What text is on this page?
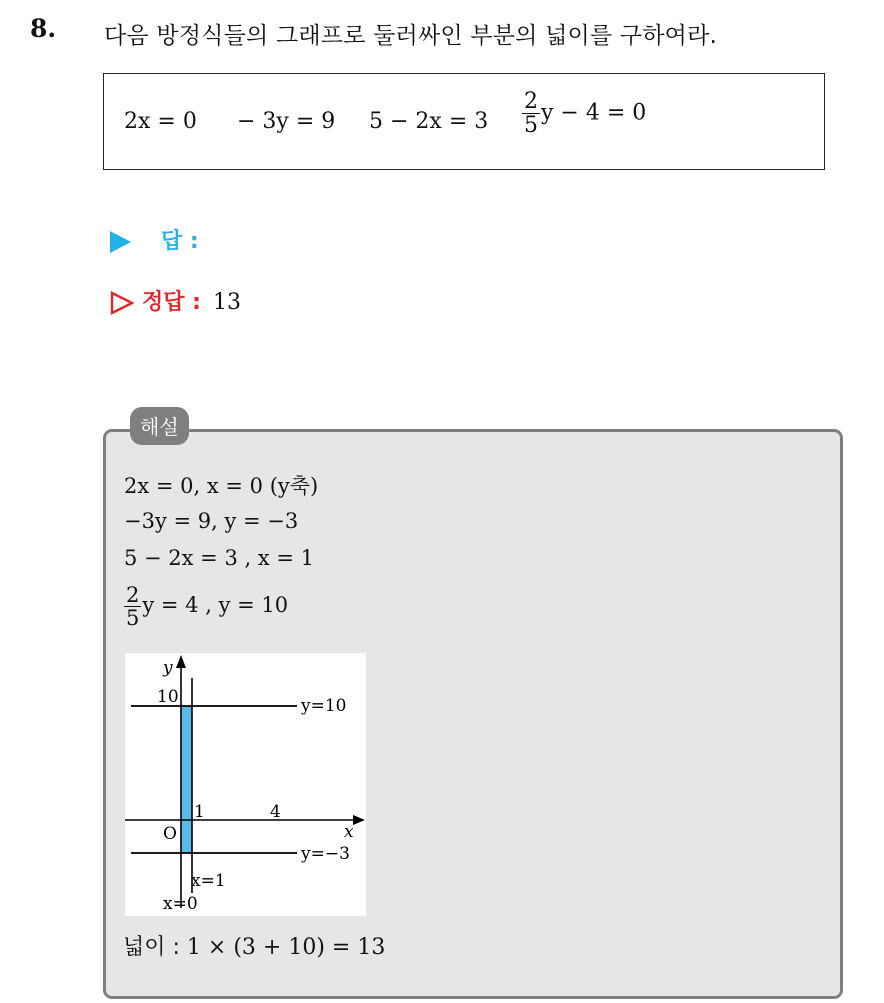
8. 다음 방정식들의 그래프로 둘러싸인 부분의 넓이를 구하여라.
2x = 0 − 3y = 9 $5 - 2x = 3 \frac{2}{5}$ y − 4 = 0
답 :
정답 : 13
해설
2x = 0, x = 0 (y축)
−3y = 9, y = −3
5 − 2x = 3 , x = 1
$\frac{2}{5}$ y = 4 , y = 10
y
x
O
10
1	4
y=10
y=−3
x=1
x=0
넓이 : 1 × (3 + 10) = 13
